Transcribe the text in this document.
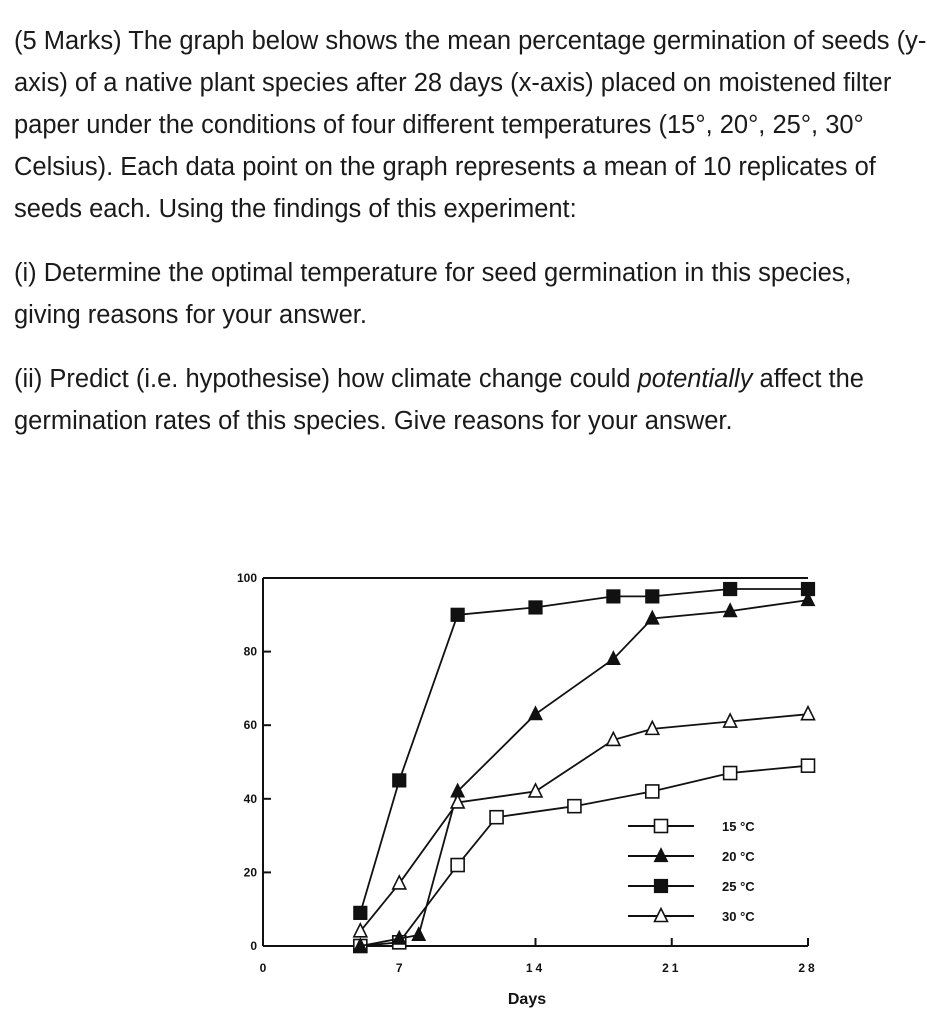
(5 Marks) The graph below shows the mean percentage germination of seeds (y-
axis) of a native plant species after 28 days (x-axis) placed on moistened filter
paper under the conditions of four different temperatures (15°, 20°, 25°, 30°
Celsius). Each data point on the graph represents a mean of 10 replicates of
seeds each. Using the findings of this experiment:

(i) Determine the optimal temperature for seed germination in this species,
giving reasons for your answer.

(ii) Predict (i.e. hypothesise) how climate change could potentially affect the
germination rates of this species. Give reasons for your answer.

0
20
40
60
80
100
0	7	14	21	28
15 °C
20 °C
25 °C
30 °C
Days
